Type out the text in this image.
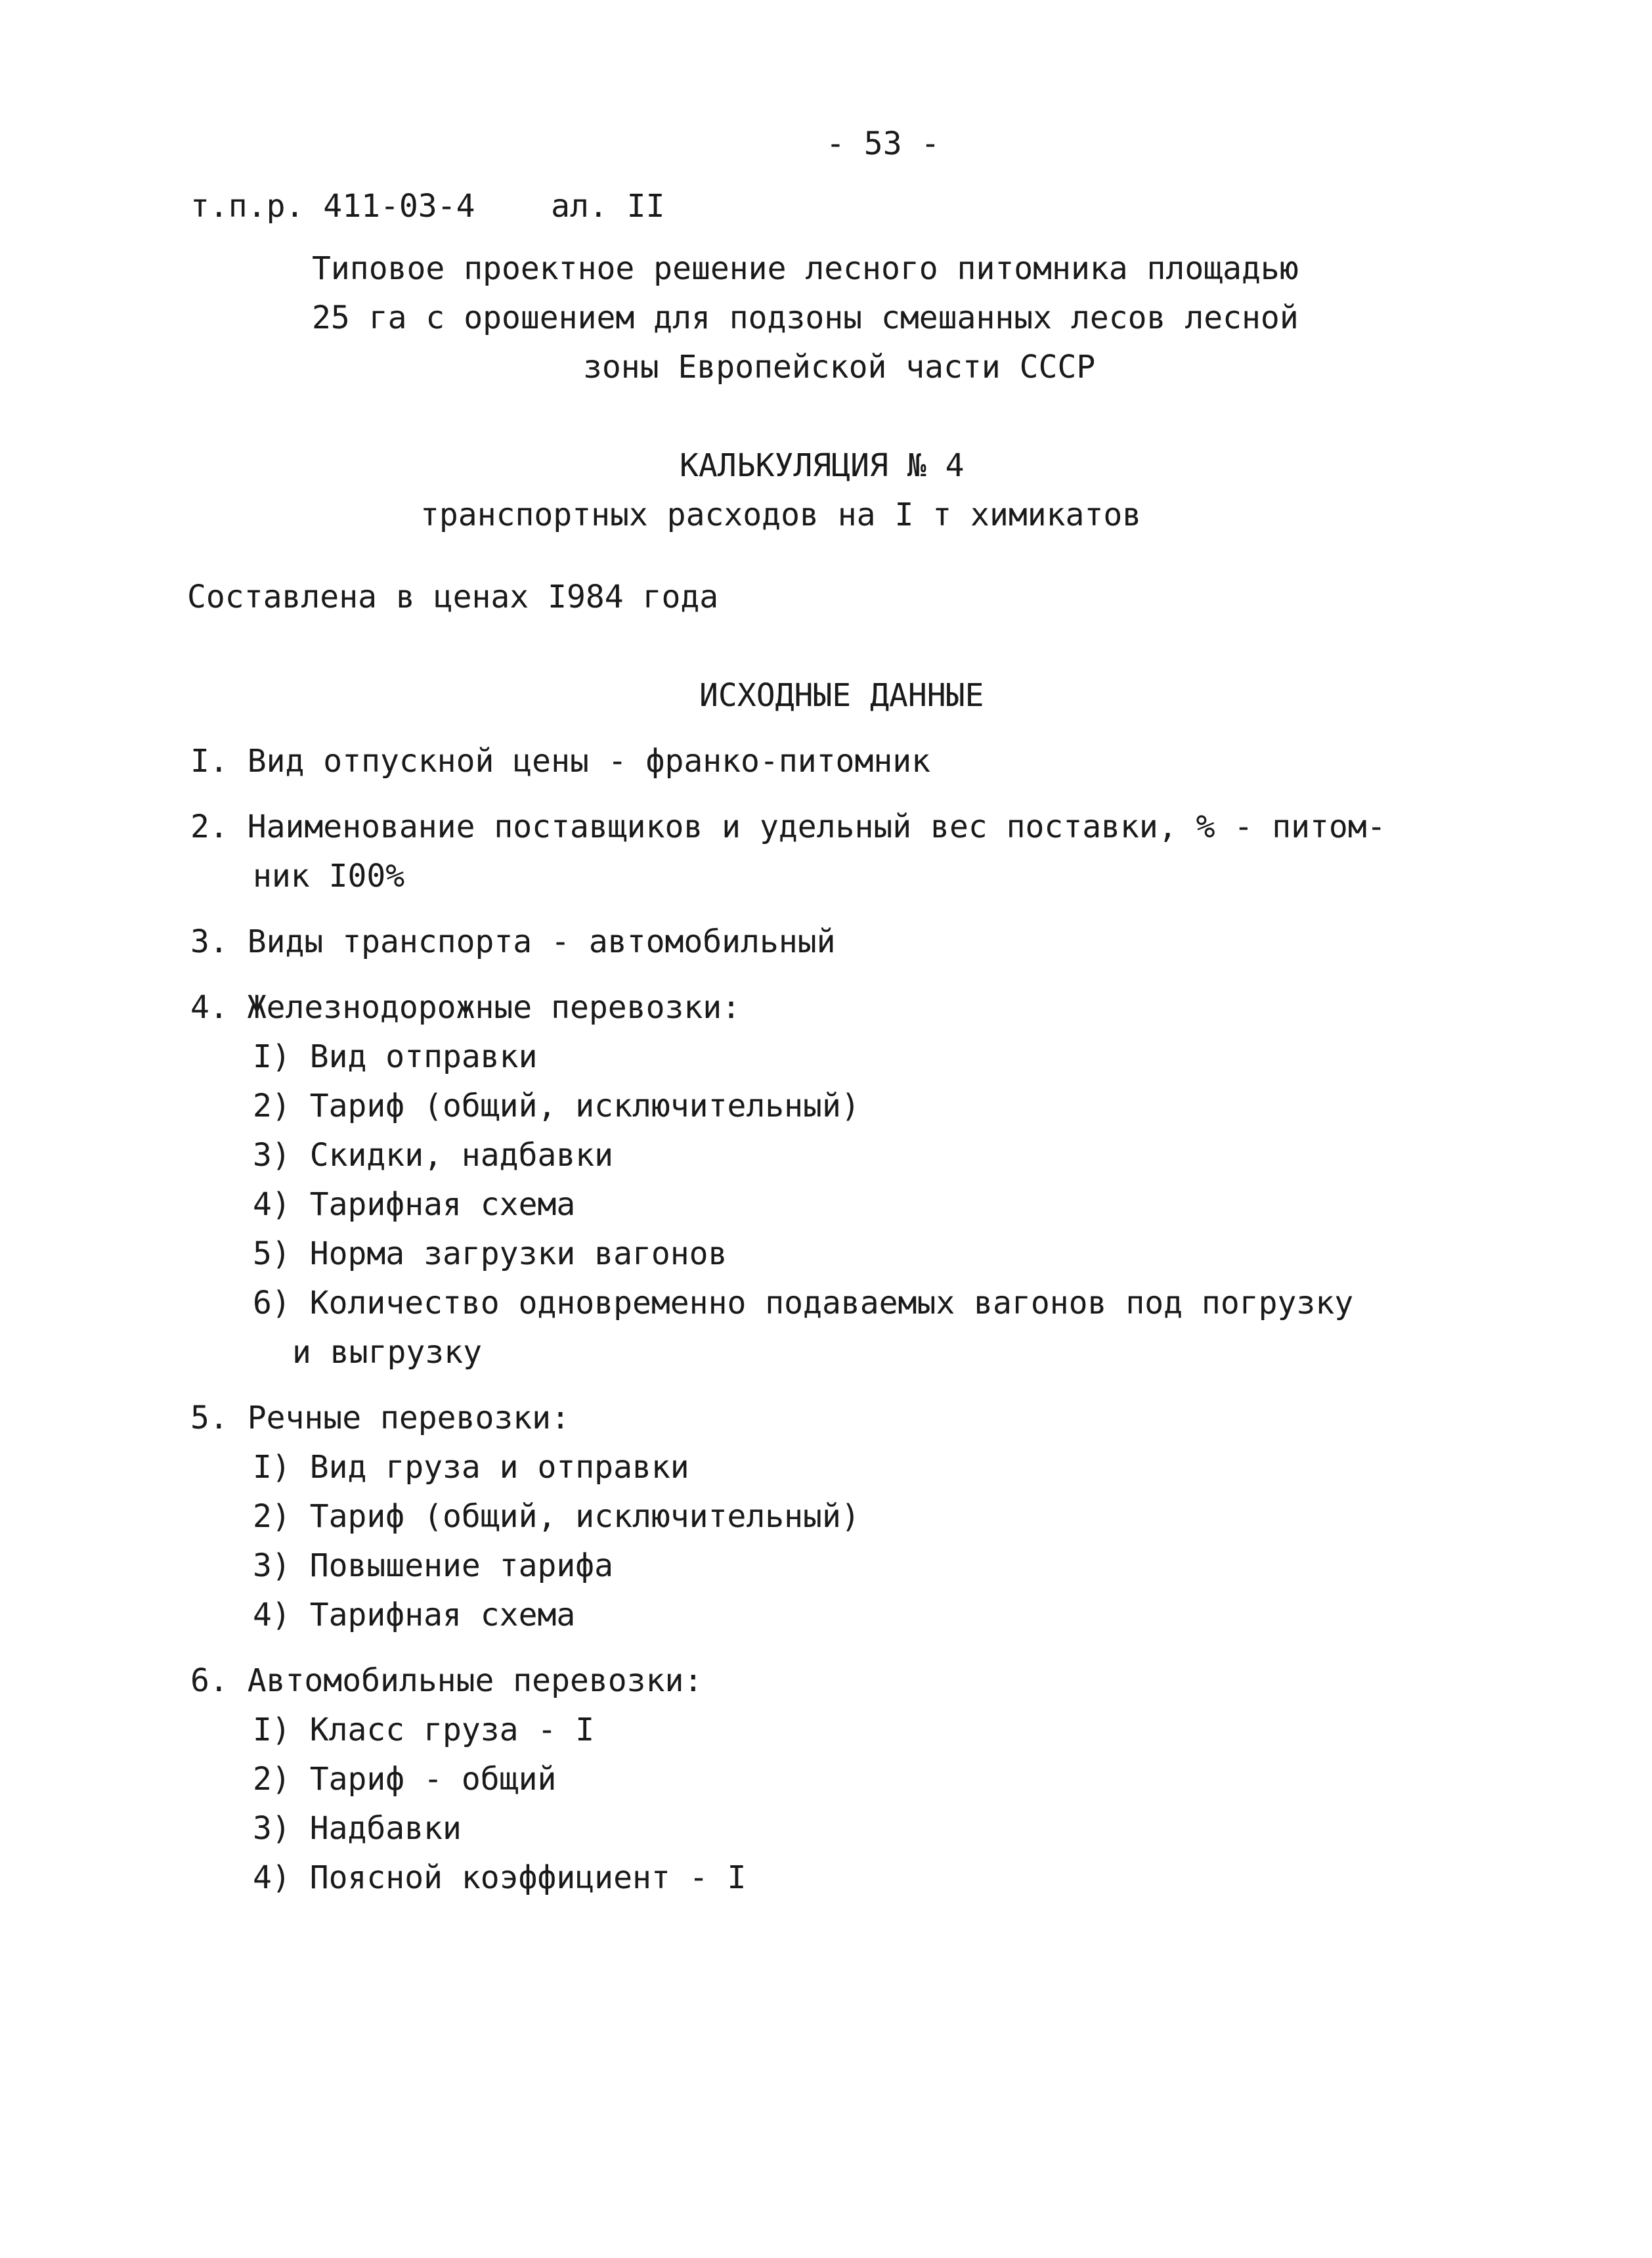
- 53 -
т.п.р. 411-03-4    ал. II
Типовое проектное решение лесного питомника площадью
25 га с орошением для подзоны смешанных лесов лесной
зоны Европейской части СССР
КАЛЬКУЛЯЦИЯ № 4
транспортных расходов на I т химикатов
Составлена в ценах I984 года
ИСХОДНЫЕ ДАННЫЕ
I. Вид отпускной цены - франко-питомник
2. Наименование поставщиков и удельный вес поставки, % - питом-
ник I00%
3. Виды транспорта - автомобильный
4. Железнодорожные перевозки:
I) Вид отправки
2) Тариф (общий, исключительный)
3) Скидки, надбавки
4) Тарифная схема
5) Норма загрузки вагонов
6) Количество одновременно подаваемых вагонов под погрузку
и выгрузку
5. Речные перевозки:
I) Вид груза и отправки
2) Тариф (общий, исключительный)
3) Повышение тарифа
4) Тарифная схема
6. Автомобильные перевозки:
I) Класс груза - I
2) Тариф - общий
3) Надбавки
4) Поясной коэффициент - I
